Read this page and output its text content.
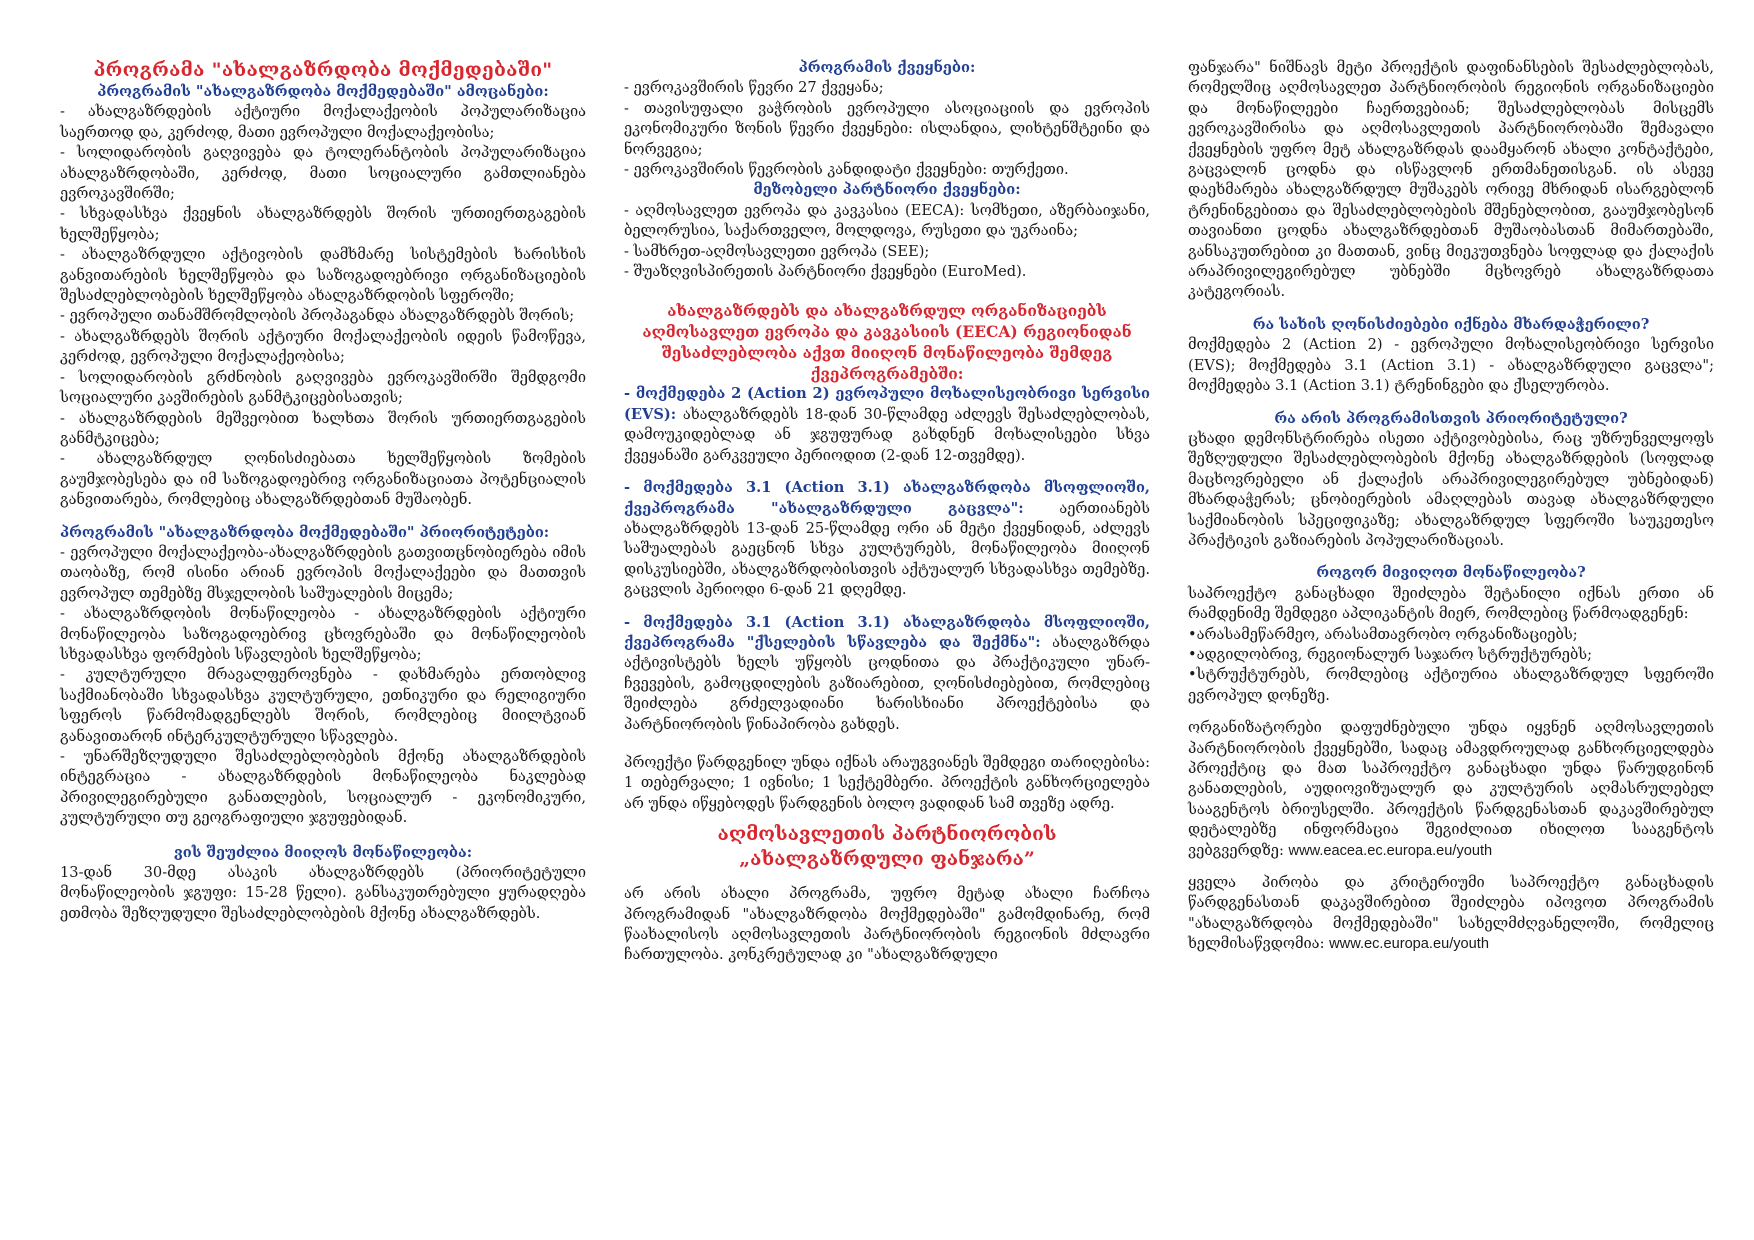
პროგრამა "ახალგაზრდობა მოქმედებაში"

პროგრამის "ახალგაზრდობა მოქმედებაში" ამოცანები:

- ახალგაზრდების აქტიური მოქალაქეობის პოპულარიზაცია საერთოდ და, კერძოდ, მათი ევროპული მოქალაქეობისა;

- სოლიდარობის გაღვივება და ტოლერანტობის პოპულარიზაცია ახალგაზრდობაში, კერძოდ, მათი სოციალური გამთლიანება ევროკავშირში;

- სხვადასხვა ქვეყნის ახალგაზრდებს შორის ურთიერთგაგების ხელშეწყობა;

- ახალგაზრდული აქტივობის დამხმარე სისტემების ხარისხის განვითარების ხელშეწყობა და საზოგადოებრივი ორგანიზაციების შესაძლებლობების ხელშეწყობა ახალგაზრდობის სფეროში;

- ევროპული თანამშრომლობის პროპაგანდა ახალგაზრდებს შორის;

- ახალგაზრდებს შორის აქტიური მოქალაქეობის იდეის წამოწევა, კერძოდ, ევროპული მოქალაქეობისა;

- სოლიდარობის გრძნობის გაღვივება ევროკავშირში შემდგომი სოციალური კავშირების განმტკიცებისათვის;

- ახალგაზრდების მეშვეობით ხალხთა შორის ურთიერთგაგების განმტკიცება;

- ახალგაზრდულ ღონისძიებათა ხელშეწყობის ზომების გაუმჯობესება და იმ საზოგადოებრივ ორგანიზაციათა პოტენციალის განვითარება, რომლებიც ახალგაზრდებთან მუშაობენ.

პროგრამის "ახალგაზრდობა მოქმედებაში" პრიორიტეტები:

- ევროპული მოქალაქეობა-ახალგაზრდების გათვითცნობიერება იმის თაობაზე, რომ ისინი არიან ევროპის მოქალაქეები და მათთვის ევროპულ თემებზე მსჯელობის საშუალების მიცემა;

- ახალგაზრდობის მონაწილეობა - ახალგაზრდების აქტიური მონაწილეობა საზოგადოებრივ ცხოვრებაში და მონაწილეობის სხვადასხვა ფორმების სწავლების ხელშეწყობა;

- კულტურული მრავალფეროვნება - დახმარება ერთობლივ საქმიანობაში სხვადასხვა კულტურული, ეთნიკური და რელიგიური სფეროს წარმომადგენლებს შორის, რომლებიც მიილტვიან განავითარონ ინტერკულტურული სწავლება.

- უნარშეზღუდული შესაძლებლობების მქონე ახალგაზრდების ინტეგრაცია - ახალგაზრდების მონაწილეობა ნაკლებად პრივილეგირებული განათლების, სოციალურ - ეკონომიკური, კულტურული თუ გეოგრაფიული ჯგუფებიდან.

ვის შეუძლია მიიღოს მონაწილეობა:

13-დან 30-მდე ასაკის ახალგაზრდებს (პრიორიტეტული მონაწილეობის ჯგუფი: 15-28 წელი). განსაკუთრებული ყურადღება ეთმობა შეზღუდული შესაძლებლობების მქონე ახალგაზრდებს.

პროგრამის ქვეყნები:

- ევროკავშირის წევრი 27 ქვეყანა;

- თავისუფალი ვაჭრობის ევროპული ასოციაციის და ევროპის ეკონომიკური ზონის წევრი ქვეყნები: ისლანდია, ლიხტენშტეინი და ნორვეგია;

- ევროკავშირის წევრობის კანდიდატი ქვეყნები: თურქეთი.

მეზობელი პარტნიორი ქვეყნები:

- აღმოსავლეთ ევროპა და კავკასია (EECA): სომხეთი, აზერბაიჯანი, ბელორუსია, საქართველო, მოლდოვა, რუსეთი და უკრაინა;

- სამხრეთ-აღმოსავლეთი ევროპა (SEE);

- შუაზღვისპირეთის პარტნიორი ქვეყნები (EuroMed).

ახალგაზრდებს და ახალგაზრდულ ორგანიზაციებს აღმოსავლეთ ევროპა და კავკასიის (EECA) რეგიონიდან შესაძლებლობა აქვთ მიიღონ მონაწილეობა შემდეგ ქვეპროგრამებში:

- მოქმედება 2 (Action 2) ევროპული მოხალისეობრივი სერვისი (EVS): ახალგაზრდებს 18-დან 30-წლამდე აძლევს შესაძლებლობას, დამოუკიდებლად ან ჯგუფურად გახდნენ მოხალისეები სხვა ქვეყანაში გარკვეული პერიოდით (2-დან 12-თვემდე).

- მოქმედება 3.1 (Action 3.1) ახალგაზრდობა მსოფლიოში, ქვეპროგრამა "ახალგაზრდული გაცვლა": აერთიანებს ახალგაზრდებს 13-დან 25-წლამდე ორი ან მეტი ქვეყნიდან, აძლევს საშუალებას გაეცნონ სხვა კულტურებს, მონაწილეობა მიიღონ დისკუსიებში, ახალგაზრდობისთვის აქტუალურ სხვადასხვა თემებზე. გაცვლის პერიოდი 6-დან 21 დღემდე.

- მოქმედება 3.1 (Action 3.1) ახალგაზრდობა მსოფლიოში, ქვეპროგრამა "ქსელების სწავლება და შექმნა": ახალგაზრდა აქტივისტებს ხელს უწყობს ცოდნითა და პრაქტიკული უნარ-ჩვევების, გამოცდილების გაზიარებით, ღონისძიებებით, რომლებიც შეიძლება გრძელვადიანი ხარისხიანი პროექტებისა და პარტნიორობის წინაპირობა გახდეს.

პროექტი წარდგენილ უნდა იქნას არაუგვიანეს შემდეგი თარიღებისა: 1 თებერვალი; 1 ივნისი; 1 სექტემბერი. პროექტის განხორციელება არ უნდა იწყებოდეს წარდგენის ბოლო ვადიდან სამ თვეზე ადრე.

აღმოსავლეთის პარტნიორობის
„ახალგაზრდული ფანჯარა”

არ არის ახალი პროგრამა, უფრო მეტად ახალი ჩარჩოა პროგრამიდან "ახალგაზრდობა მოქმედებაში" გამომდინარე, რომ წაახალისოს აღმოსავლეთის პარტნიორობის რეგიონის მძლავრი ჩართულობა. კონკრეტულად კი "ახალგაზრდული

ფანჯარა" ნიშნავს მეტი პროექტის დაფინანსების შესაძლებლობას, რომელშიც აღმოსავლეთ პარტნიორობის რეგიონის ორგანიზაციები და მონაწილეები ჩაერთვებიან; შესაძლებლობას მისცემს ევროკავშირისა და აღმოსავლეთის პარტნიორობაში შემავალი ქვეყნების უფრო მეტ ახალგაზრდას დაამყარონ ახალი კონტაქტები, გაცვალონ ცოდნა და ისწავლონ ერთმანეთისგან. ის ასევე დაეხმარება ახალგაზრდულ მუშაკებს ორივე მხრიდან ისარგებლონ ტრენინგებითა და შესაძლებლობების მშენებლობით, გააუმჯობესონ თავიანთი ცოდნა ახალგაზრდებთან მუშაობასთან მიმართებაში, განსაკუთრებით კი მათთან, ვინც მიეკუთვნება სოფლად და ქალაქის არაპრივილეგირებულ უბნებში მცხოვრებ ახალგაზრდათა კატეგორიას.

რა სახის ღონისძიებები იქნება მხარდაჭერილი?

მოქმედება 2 (Action 2) - ევროპული მოხალისეობრივი სერვისი (EVS); მოქმედება 3.1 (Action 3.1) - ახალგაზრდული გაცვლა"; მოქმედება 3.1 (Action 3.1) ტრენინგები და ქსელურობა.

რა არის პროგრამისთვის პრიორიტეტული?

ცხადი დემონსტრირება ისეთი აქტივობებისა, რაც უზრუნველყოფს შეზღუდული შესაძლებლობების მქონე ახალგაზრდების (სოფლად მაცხოვრებელი ან ქალაქის არაპრივილეგირებულ უბნებიდან) მხარდაჭერას; ცნობიერების ამაღლებას თავად ახალგაზრდული საქმიანობის სპეციფიკაზე; ახალგაზრდულ სფეროში საუკეთესო პრაქტიკის გაზიარების პოპულარიზაციას.

როგორ მივიღოთ მონაწილეობა?

საპროექტო განაცხადი შეიძლება შეტანილი იქნას ერთი ან რამდენიმე შემდეგი აპლიკანტის მიერ, რომლებიც წარმოადგენენ:

•არასამეწარმეო, არასამთავრობო ორგანიზაციებს;

•ადგილობრივ, რეგიონალურ საჯარო სტრუქტურებს;

•სტრუქტურებს, რომლებიც აქტიურია ახალგაზრდულ სფეროში ევროპულ დონეზე.

ორგანიზატორები დაფუძნებული უნდა იყვნენ აღმოსავლეთის პარტნიორობის ქვეყნებში, სადაც ამავდროულად განხორციელდება პროექტიც და მათ საპროექტო განაცხადი უნდა წარუდგინონ განათლების, აუდიოვიზუალურ და კულტურის აღმასრულებელ სააგენტოს ბრიუსელში. პროექტის წარდგენასთან დაკავშირებულ დეტალებზე ინფორმაცია შეგიძლიათ იხილოთ სააგენტოს ვებგვერდზე: www.eacea.ec.europa.eu/youth

ყველა პირობა და კრიტერიუმი საპროექტო განაცხადის წარდგენასთან დაკავშირებით შეიძლება იპოვოთ პროგრამის "ახალგაზრდობა მოქმედებაში" სახელმძღვანელოში, რომელიც ხელმისაწვდომია: www.ec.europa.eu/youth
